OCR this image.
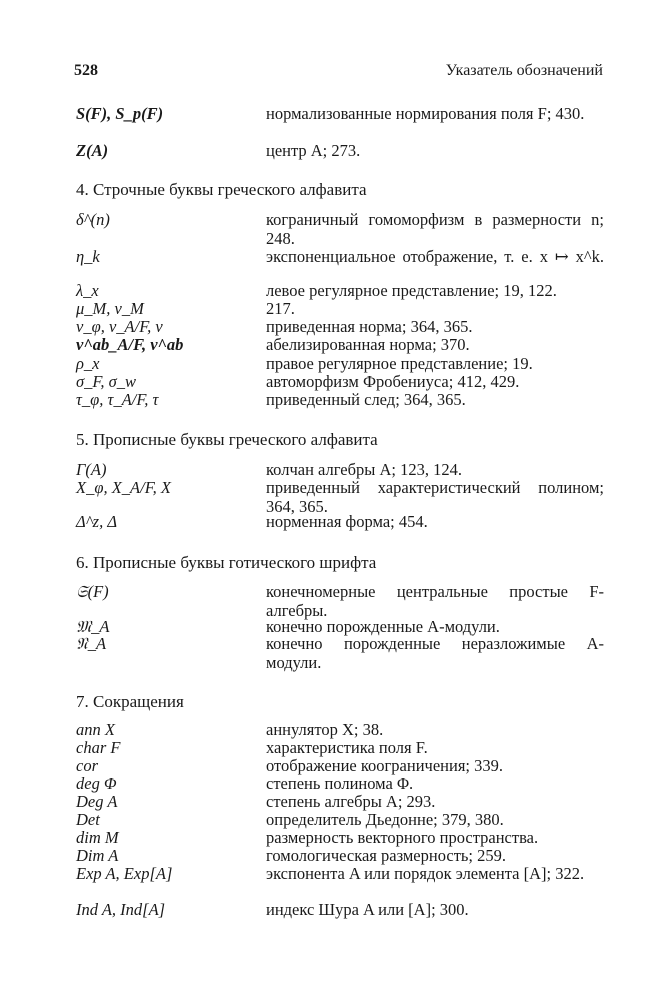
528	Указатель обозначений
S(F), S_p(F)	нормализованные нормирования поля F; 430.
Z(A)	центр A; 273.
4. Строчные буквы греческого алфавита
δ^(n)	кограничный гомоморфизм в размерности n; 248.
η_k	экспоненциальное отображение, т. е. x ↦ x^k.
λ_x	левое регулярное представление; 19, 122.
μ_M, ν_M	217.
ν_φ, ν_A/F, ν	приведенная норма; 364, 365.
ν^ab_A/F, ν^ab	абелизированная норма; 370.
ρ_x	правое регулярное представление; 19.
σ_F, σ_w	автоморфизм Фробениуса; 412, 429.
τ_φ, τ_A/F, τ	приведенный след; 364, 365.
5. Прописные буквы греческого алфавита
Γ(A)	колчан алгебры A; 123, 124.
X_φ, X_A/F, X	приведенный характеристический полином; 364, 365.
Δ^z, Δ	норменная форма; 454.
6. Прописные буквы готического шрифта
𝔖(F)	конечномерные центральные простые F-алгебры.
𝔐_A	конечно порожденные A-модули.
𝔑_A	конечно порожденные неразложимые A-модули.
7. Сокращения
ann X	аннулятор X; 38.
char F	характеристика поля F.
cor	отображение коограничения; 339.
deg Φ	степень полинома Φ.
Deg A	степень алгебры A; 293.
Det	определитель Дьедонне; 379, 380.
dim M	размерность векторного пространства.
Dim A	гомологическая размерность; 259.
Exp A, Exp[A]	экспонента A или порядок элемента [A]; 322.
Ind A, Ind[A]	индекс Шура A или [A]; 300.
